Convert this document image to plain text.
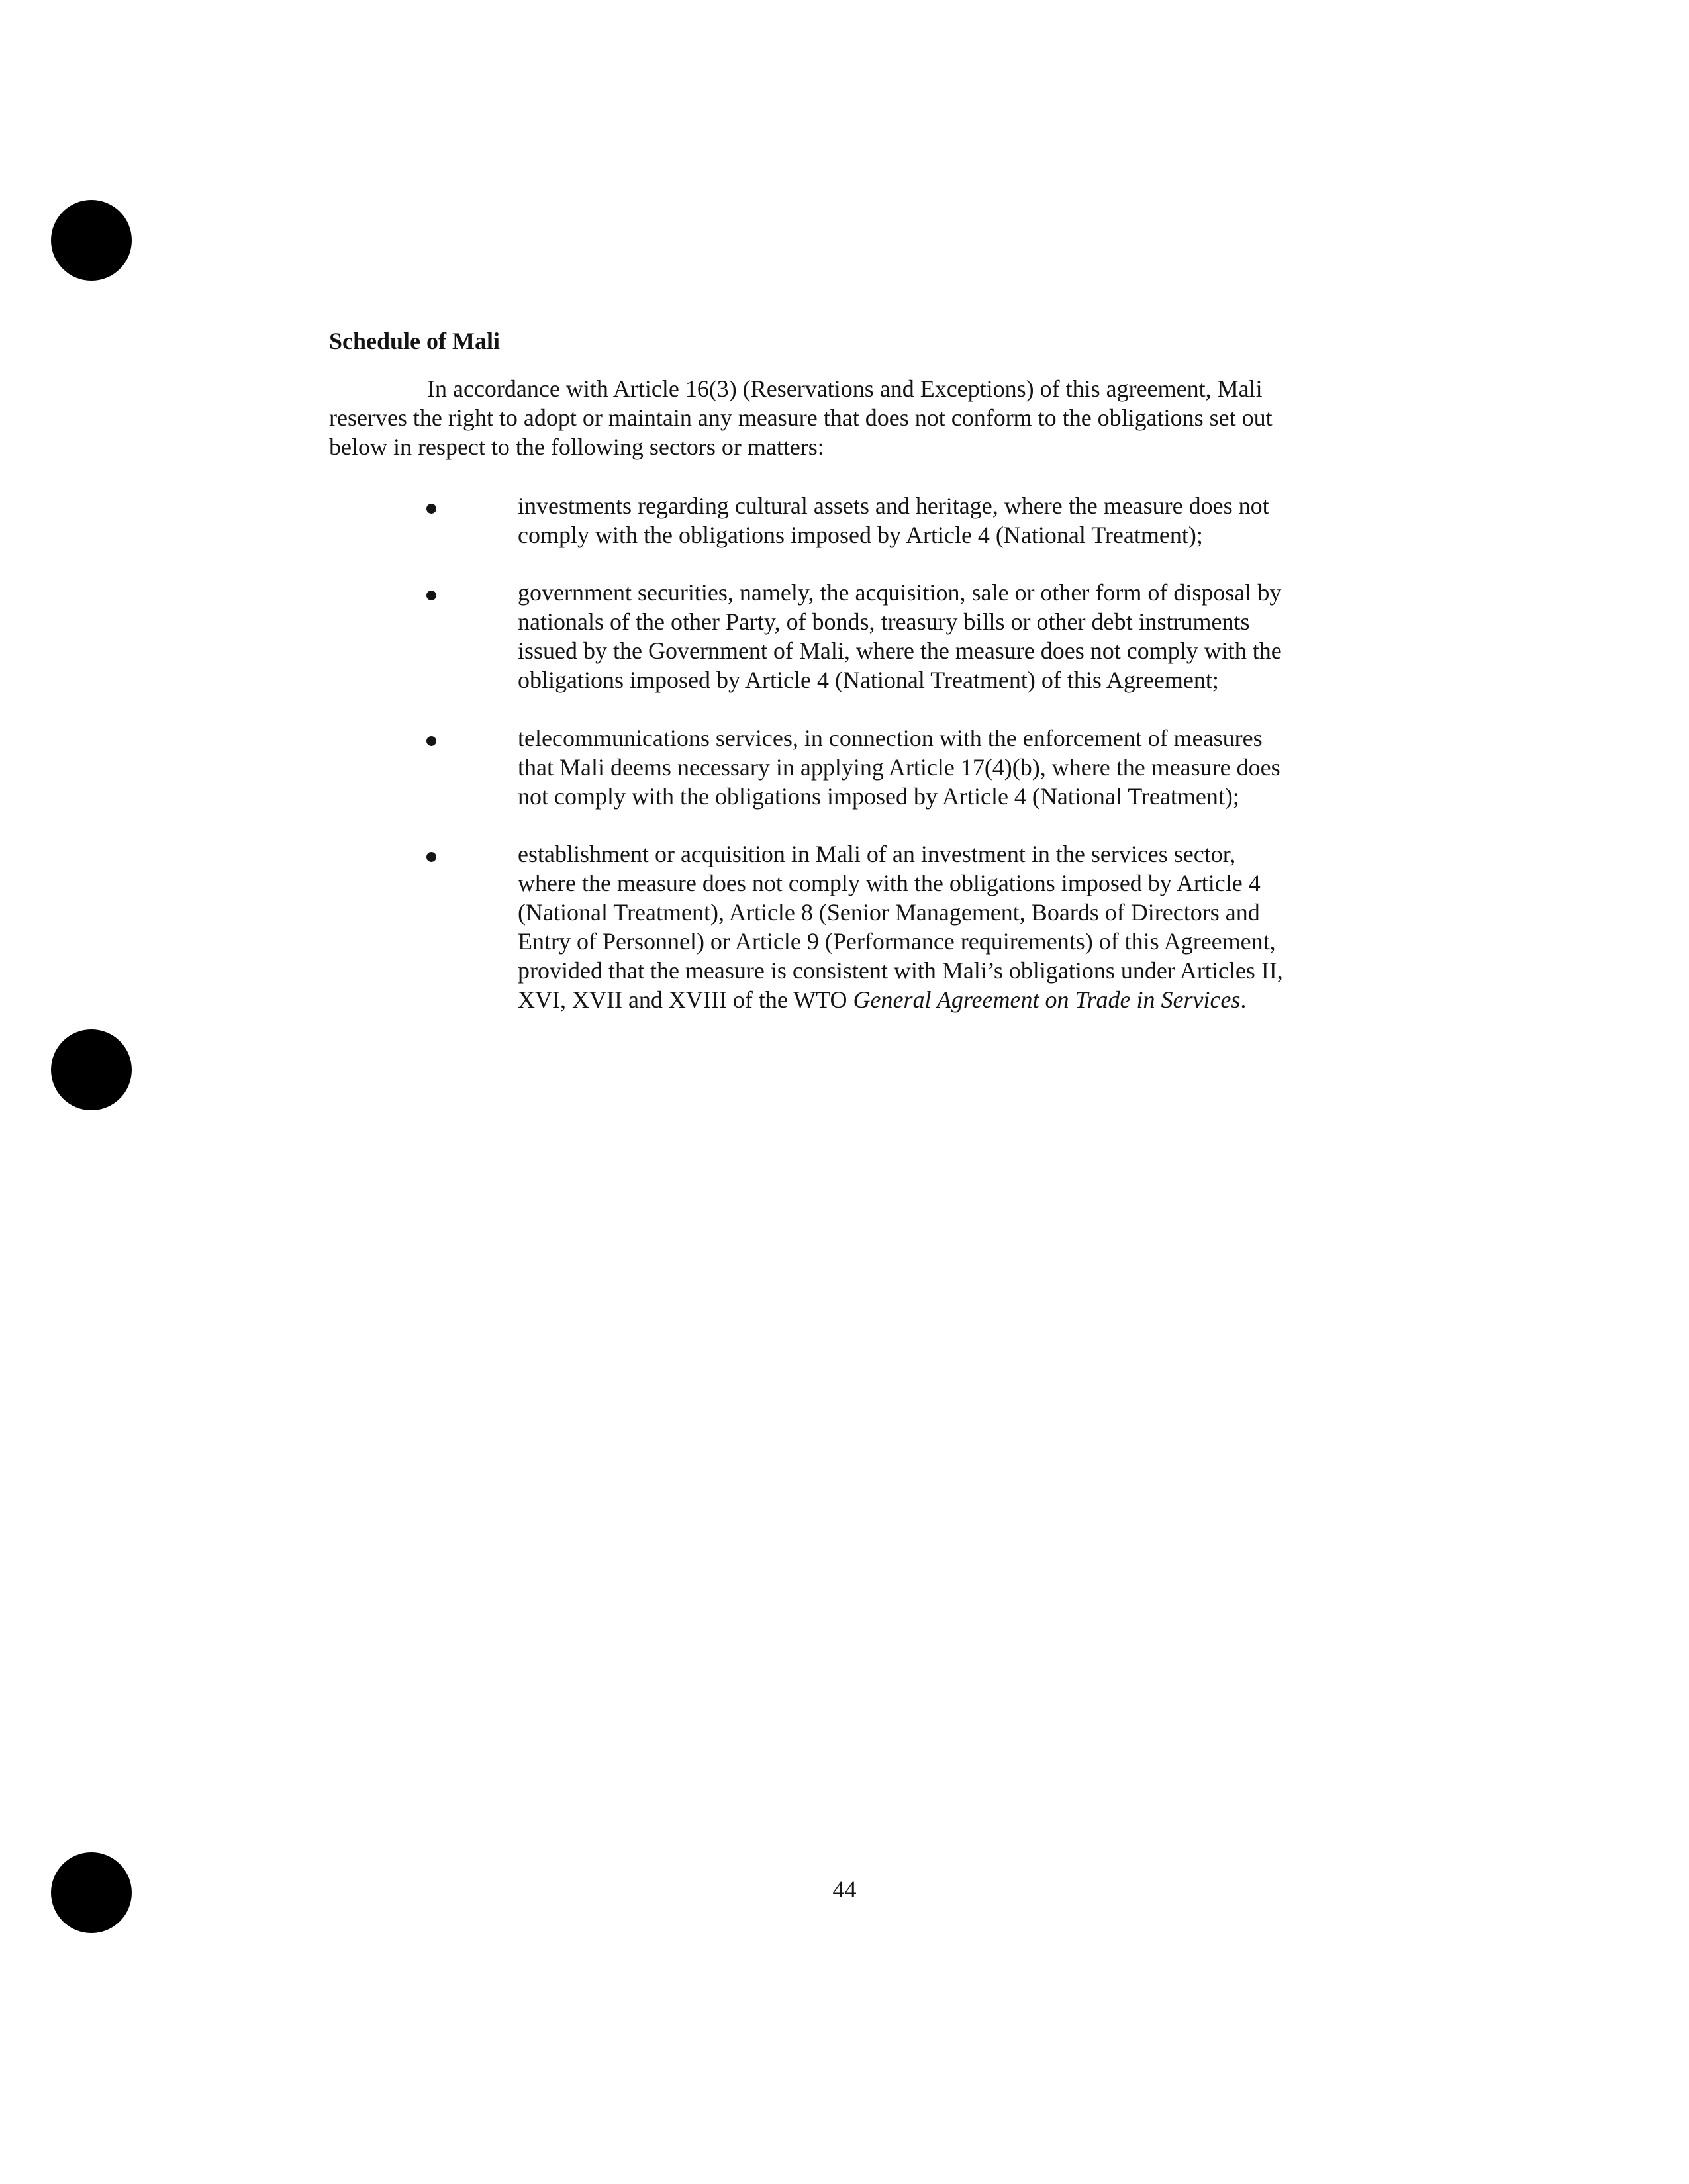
Schedule of Mali
In accordance with Article 16(3) (Reservations and Exceptions) of this agreement, Mali
reserves the right to adopt or maintain any measure that does not conform to the obligations set out
below in respect to the following sectors or matters:
investments regarding cultural assets and heritage, where the measure does not
comply with the obligations imposed by Article 4 (National Treatment);
government securities, namely, the acquisition, sale or other form of disposal by
nationals of the other Party, of bonds, treasury bills or other debt instruments
issued by the Government of Mali, where the measure does not comply with the
obligations imposed by Article 4 (National Treatment) of this Agreement;
telecommunications services, in connection with the enforcement of measures
that Mali deems necessary in applying Article 17(4)(b), where the measure does
not comply with the obligations imposed by Article 4 (National Treatment);
establishment or acquisition in Mali of an investment in the services sector,
where the measure does not comply with the obligations imposed by Article 4
(National Treatment), Article 8 (Senior Management, Boards of Directors and
Entry of Personnel) or Article 9 (Performance requirements) of this Agreement,
provided that the measure is consistent with Mali’s obligations under Articles II,
XVI, XVII and XVIII of the WTO General Agreement on Trade in Services.
44
